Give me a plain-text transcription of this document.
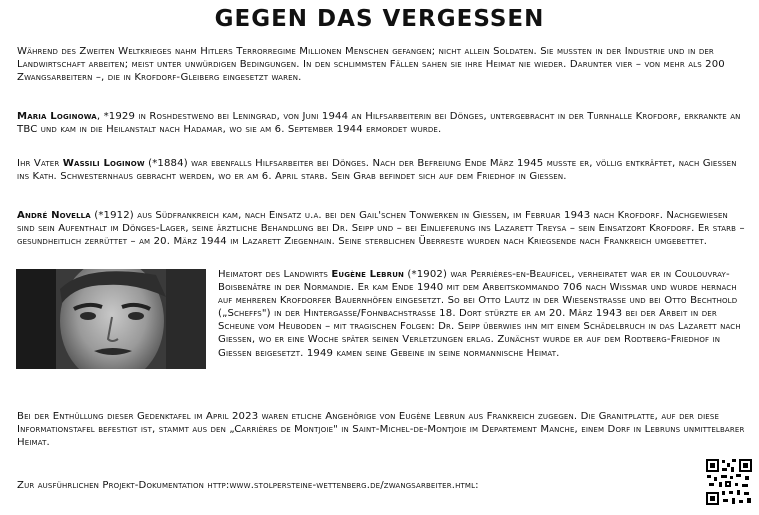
GEGEN DAS VERGESSEN

Während des Zweiten Weltkrieges nahm Hitlers Terrorregime Millionen Menschen gefangen; nicht allein Soldaten. Sie mussten in der Industrie und in der Landwirtschaft arbeiten; meist unter unwürdigen Bedingungen. In den schlimmsten Fällen sahen sie ihre Heimat nie wieder. Darunter vier – von mehr als 200 Zwangsarbeitern –, die in Krofdorf-Gleiberg eingesetzt waren.

Maria Loginowa, *1929 in Roshdestweno bei Leningrad, von Juni 1944 an Hilfsarbeiterin bei Dönges, untergebracht in der Turnhalle Krofdorf, erkrankte an TBC und kam in die Heilanstalt nach Hadamar, wo sie am 6. September 1944 ermordet wurde.

Ihr Vater Wassili Loginow (*1884) war ebenfalls Hilfsarbeiter bei Dönges. Nach der Befreiung Ende März 1945 musste er, völlig entkräftet, nach Giessen ins Kath. Schwesternhaus gebracht werden, wo er am 6. April starb. Sein Grab befindet sich auf dem Friedhof in Giessen.

André Novella (*1912) aus Südfrankreich kam, nach Einsatz u.a. bei den Gail'schen Tonwerken in Giessen, im Februar 1943 nach Krofdorf. Nachgewiesen sind sein Aufenthalt im Dönges-Lager, seine ärztliche Behandlung bei Dr. Seipp und – bei Einlieferung ins Lazarett Treysa – sein Einsatzort Krofdorf. Er starb – gesundheitlich zerrüttet – am 20. März 1944 im Lazarett Ziegenhain. Seine sterblichen Überreste wurden nach Kriegsende nach Frankreich umgebettet.

Heimatort des Landwirts Eugène Lebrun (*1902) war Perrières-en-Beauficel, verheiratet war er in Coulouvray-Boisbenâtre in der Normandie. Er kam Ende 1940 mit dem Arbeitskommando 706 nach Wissmar und wurde hernach auf mehreren Krofdorfer Bauernhöfen eingesetzt. So bei Otto Lautz in der Wiesenstrasse und bei Otto Bechthold („Scheffs") in der Hintergasse/Fohnbachstrasse 18. Dort stürzte er am 20. März 1943 bei der Arbeit in der Scheune vom Heuboden – mit tragischen Folgen: Dr. Seipp überwies ihn mit einem Schädelbruch in das Lazarett nach Giessen, wo er eine Woche später seinen Verletzungen erlag. Zunächst wurde er auf dem Rodtberg-Friedhof in Giessen beigesetzt. 1949 kamen seine Gebeine in seine normannische Heimat.

Bei der Enthüllung dieser Gedenktafel im April 2023 waren etliche Angehörige von Eugène Lebrun aus Frankreich zugegen. Die Granitplatte, auf der diese Informationstafel befestigt ist, stammt aus den „Carrières de Montjoie" in Saint-Michel-de-Montjoie im Departement Manche, einem Dorf in Lebruns unmittelbarer Heimat.

Zur ausführlichen Projekt-Dokumentation http:www.stolpersteine-wettenberg.de/zwangsarbeiter.html:
